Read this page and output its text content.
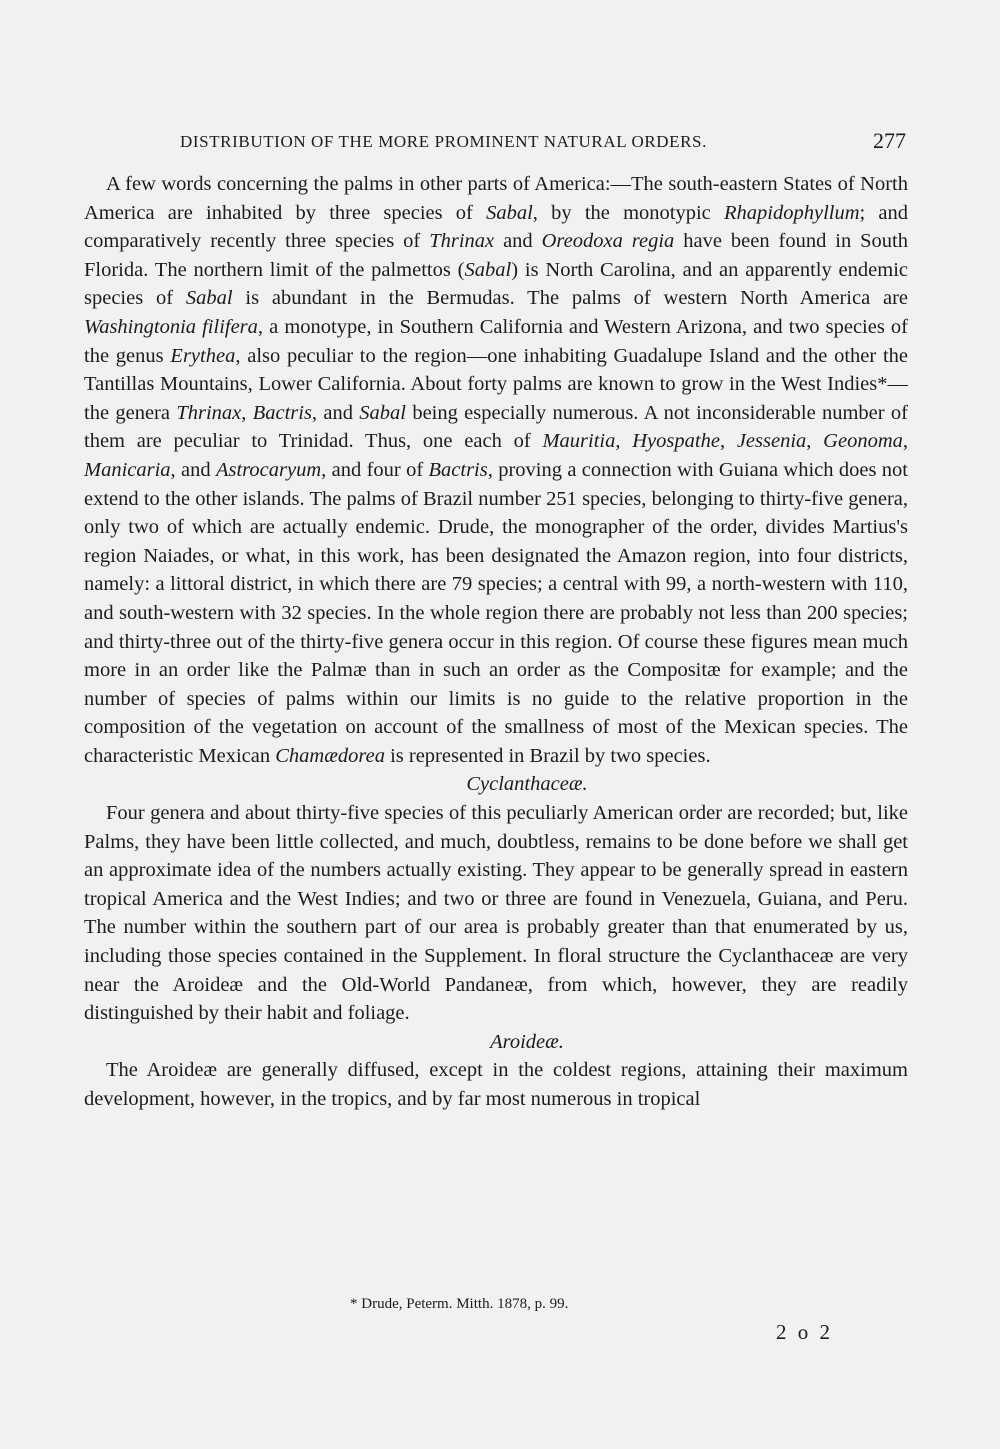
DISTRIBUTION OF THE MORE PROMINENT NATURAL ORDERS.	277

A few words concerning the palms in other parts of America:—The south-eastern States of North America are inhabited by three species of Sabal, by the monotypic Rhapidophyllum; and comparatively recently three species of Thrinax and Oreodoxa regia have been found in South Florida. The northern limit of the palmettos (Sabal) is North Carolina, and an apparently endemic species of Sabal is abundant in the Bermudas. The palms of western North America are Washingtonia filifera, a monotype, in Southern California and Western Arizona, and two species of the genus Erythea, also peculiar to the region—one inhabiting Guadalupe Island and the other the Tantillas Mountains, Lower California. About forty palms are known to grow in the West Indies*—the genera Thrinax, Bactris, and Sabal being especially numerous. A not inconsiderable number of them are peculiar to Trinidad. Thus, one each of Mauritia, Hyospathe, Jessenia, Geonoma, Manicaria, and Astrocaryum, and four of Bactris, proving a connection with Guiana which does not extend to the other islands. The palms of Brazil number 251 species, belonging to thirty-five genera, only two of which are actually endemic. Drude, the monographer of the order, divides Martius's region Naiades, or what, in this work, has been designated the Amazon region, into four districts, namely: a littoral district, in which there are 79 species; a central with 99, a north-western with 110, and south-western with 32 species. In the whole region there are probably not less than 200 species; and thirty-three out of the thirty-five genera occur in this region. Of course these figures mean much more in an order like the Palmæ than in such an order as the Compositæ for example; and the number of species of palms within our limits is no guide to the relative proportion in the composition of the vegetation on account of the smallness of most of the Mexican species. The characteristic Mexican Chamædorea is represented in Brazil by two species.

Cyclanthaceæ.

Four genera and about thirty-five species of this peculiarly American order are recorded; but, like Palms, they have been little collected, and much, doubtless, remains to be done before we shall get an approximate idea of the numbers actually existing. They appear to be generally spread in eastern tropical America and the West Indies; and two or three are found in Venezuela, Guiana, and Peru. The number within the southern part of our area is probably greater than that enumerated by us, including those species contained in the Supplement. In floral structure the Cyclanthaceæ are very near the Aroideæ and the Old-World Pandaneæ, from which, however, they are readily distinguished by their habit and foliage.

Aroideæ.

The Aroideæ are generally diffused, except in the coldest regions, attaining their maximum development, however, in the tropics, and by far most numerous in tropical

* Drude, Peterm. Mitth. 1878, p. 99.
2 o 2
